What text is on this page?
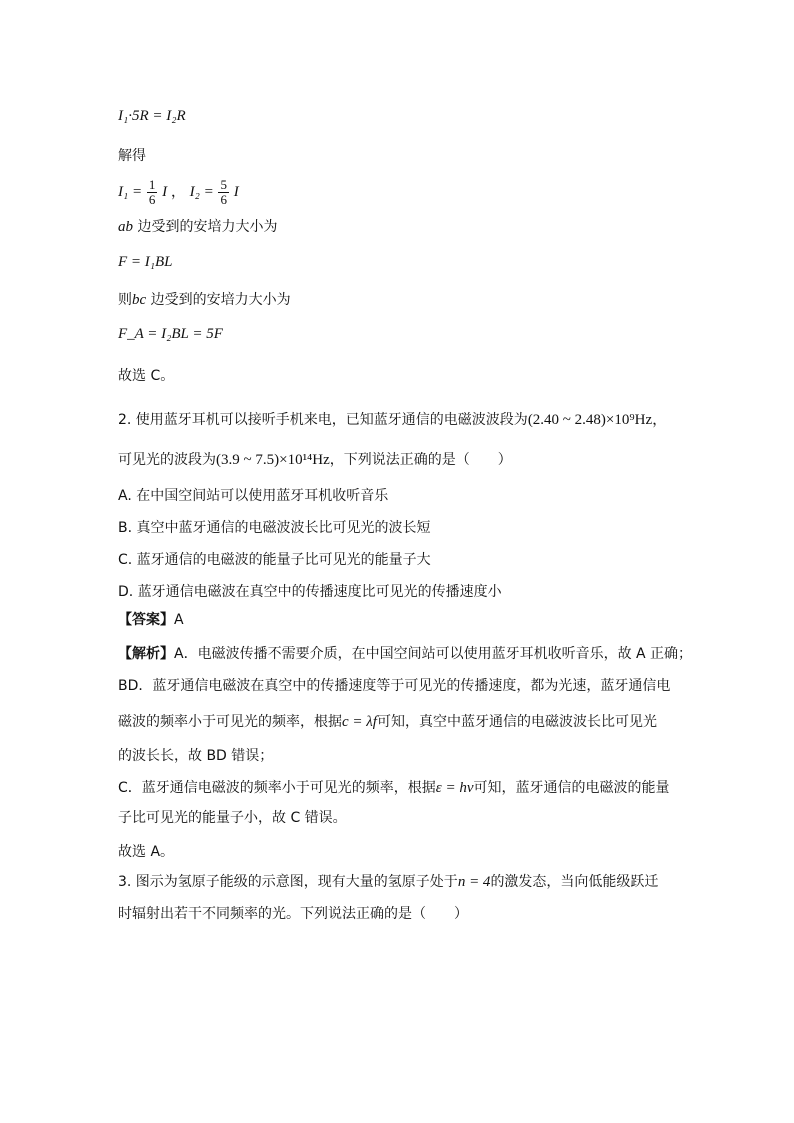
I₁·5R = I₂R
解得
$I_1 = \frac{1}{6}$ I ， $I_2 = \frac{5}{6}$ I
ab 边受到的安培力大小为
F = I₁BL
则bc 边受到的安培力大小为
F_A = I₂BL = 5F
故选 C。
2. 使用蓝牙耳机可以接听手机来电，已知蓝牙通信的电磁波波段为(2.40 ~ 2.48)×10⁹Hz，
可见光的波段为(3.9 ~ 7.5)×10¹⁴Hz，下列说法正确的是（　　）
A. 在中国空间站可以使用蓝牙耳机收听音乐
B. 真空中蓝牙通信的电磁波波长比可见光的波长短
C. 蓝牙通信的电磁波的能量子比可见光的能量子大
D. 蓝牙通信电磁波在真空中的传播速度比可见光的传播速度小
【答案】A
【解析】A．电磁波传播不需要介质，在中国空间站可以使用蓝牙耳机收听音乐，故 A 正确；
BD．蓝牙通信电磁波在真空中的传播速度等于可见光的传播速度，都为光速，蓝牙通信电
磁波的频率小于可见光的频率，根据c = λf可知，真空中蓝牙通信的电磁波波长比可见光
的波长长，故 BD 错误；
C．蓝牙通信电磁波的频率小于可见光的频率，根据ε = hν可知，蓝牙通信的电磁波的能量
子比可见光的能量子小，故 C 错误。
故选 A。
3. 图示为氢原子能级的示意图，现有大量的氢原子处于n = 4的激发态，当向低能级跃迁
时辐射出若干不同频率的光。下列说法正确的是（　　）
